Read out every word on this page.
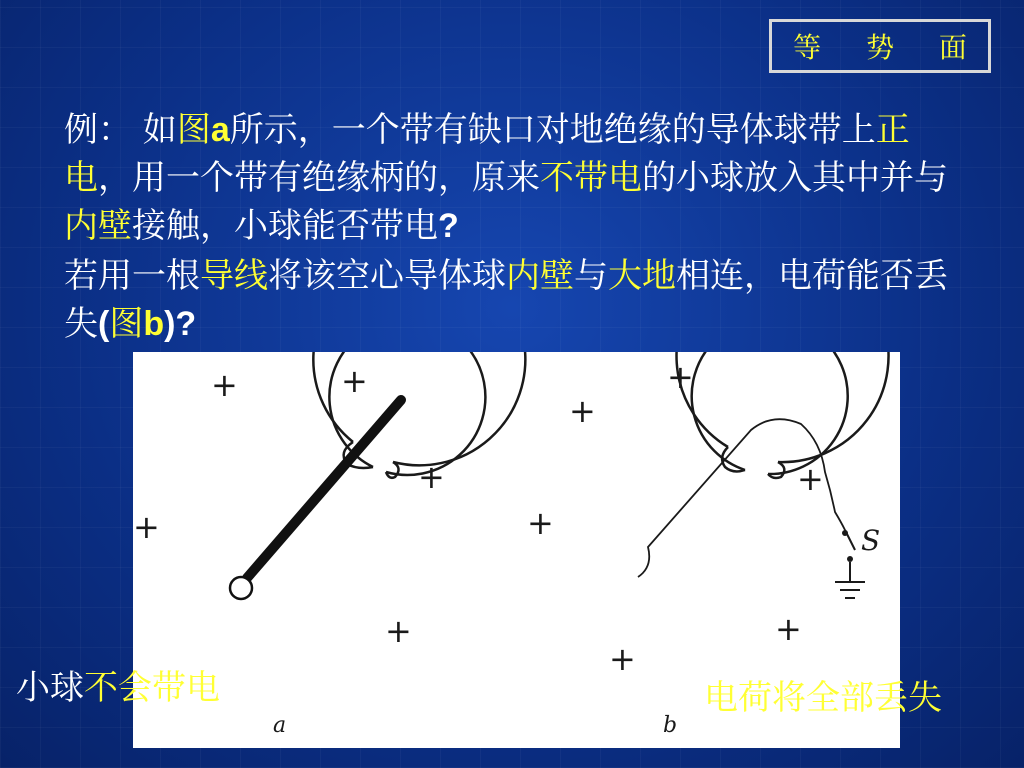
等 势 面

例： 如图a所示，一个带有缺口对地绝缘的导体球带上正电，用一个带有绝缘柄的，原来不带电的小球放入其中并与内壁接触，小球能否带电?

若用一根导线将该空心导体球内壁与大地相连，电荷能否丢失(图b)?

+	+
+
+
+
+
+
+
+
+
+
S
a	b
小球不会带电	电荷将全部丢失
